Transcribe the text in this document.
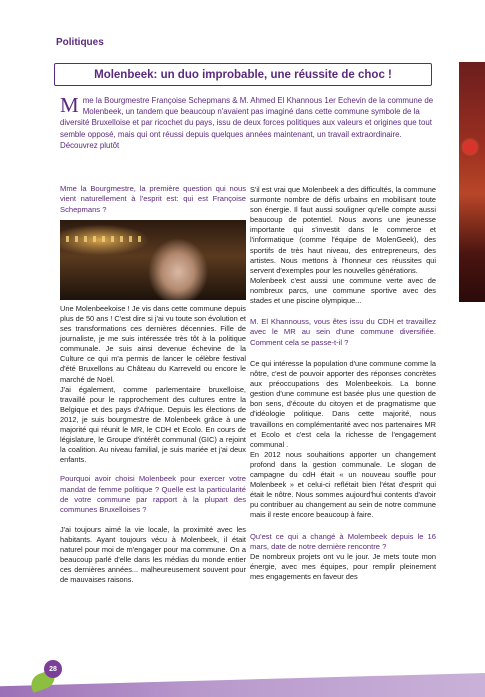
Politiques
Molenbeek: un duo improbable, une réussite de choc !
M me la Bourgmestre Françoise Schepmans & M. Ahmed El Khannous 1er Echevin de la commune de Molenbeek, un tandem que beaucoup n'avaient pas imaginé dans cette commune symbole de la diversité Bruxelloise et par ricochet du pays, issu de deux forces politiques aux valeurs et origines que tout semble opposé, mais qui ont réussi depuis quelques années maintenant, un travail extraordinaire.
Découvrez plutôt

Mme la Bourgmestre, la première question qui nous vient naturellement à l'esprit est: qui est Françoise Schepmans ?

Une Molenbeekoise ! Je vis dans cette commune depuis plus de 50 ans ! C'est dire si j'ai vu toute son évolution et ses transformations ces dernières décennies. Fille de journaliste, je me suis intéressée très tôt à la politique communale. Je suis ainsi devenue échevine de la Culture ce qui m'a permis de lancer le célèbre festival d'été Bruxellons au Château du Karreveld ou encore le marché de Noël.

J'ai également, comme parlementaire bruxelloise, travaillé pour le rapprochement des cultures entre la Belgique et des pays d'Afrique. Depuis les élections de 2012, je suis bourgmestre de Molenbeek grâce à une majorité qui réunit le MR, le CDH et Ecolo. En cours de législature, le Groupe d'intérêt communal (GIC) a rejoint la coalition. Au niveau familial, je suis mariée et j'ai deux enfants.

Pourquoi avoir choisi Molenbeek pour exercer votre mandat de femme politique ? Quelle est la particularité de votre commune par rapport à la plupart des communes Bruxelloises ?

J'ai toujours aimé la vie locale, la proximité avec les habitants. Ayant toujours vécu à Molenbeek, il était naturel pour moi de m'engager pour ma commune. On a beaucoup parlé d'elle dans les médias du monde entier ces dernières années... malheureusement souvent pour de mauvaises raisons.

S'il est vrai que Molenbeek a des difficultés, la commune surmonte nombre de défis urbains en mobilisant toute son énergie. Il faut aussi souligner qu'elle compte aussi beaucoup de potentiel. Nous avons une jeunesse importante qui s'investit dans le commerce et l'informatique (comme l'équipe de MolenGeek), des sportifs de très haut niveau, des entrepreneurs, des artistes. Nous mettons à l'honneur ces réussites qui servent d'exemples pour les nouvelles générations.

Molenbeek c'est aussi une commune verte avec de nombreux parcs, une commune sportive avec des stades et une piscine olympique...

M. El Khannouss, vous êtes issu du CDH et travaillez avec le MR au sein d'une commune diversifiée. Comment cela se passe-t-il ?

Ce qui intéresse la population d'une commune comme la nôtre, c'est de pouvoir apporter des réponses concrètes aux préoccupations des Molenbeekois. La bonne gestion d'une commune est basée plus une question de bon sens, d'écoute du citoyen et de pragmatisme que d'idéologie politique. Dans cette majorité, nous travaillons en complémentarité avec nos partenaires MR et Ecolo et c'est cela la richesse de l'engagement communal .

En 2012 nous souhaitions apporter un changement profond dans la gestion communale. Le slogan de campagne du cdH était « un nouveau souffle pour Molenbeek » et celui-ci reflétait bien l'état d'esprit qui était le nôtre. Nous sommes aujourd'hui contents d'avoir pu contribuer au changement au sein de notre commune mais il reste encore beaucoup à faire.

Qu'est ce qui a changé à Molembeek depuis le 16 mars, date de notre dernière rencontre ?

De nombreux projets ont vu le jour. Je mets toute mon énergie, avec mes équipes, pour remplir pleinement mes engagements en faveur des

28
